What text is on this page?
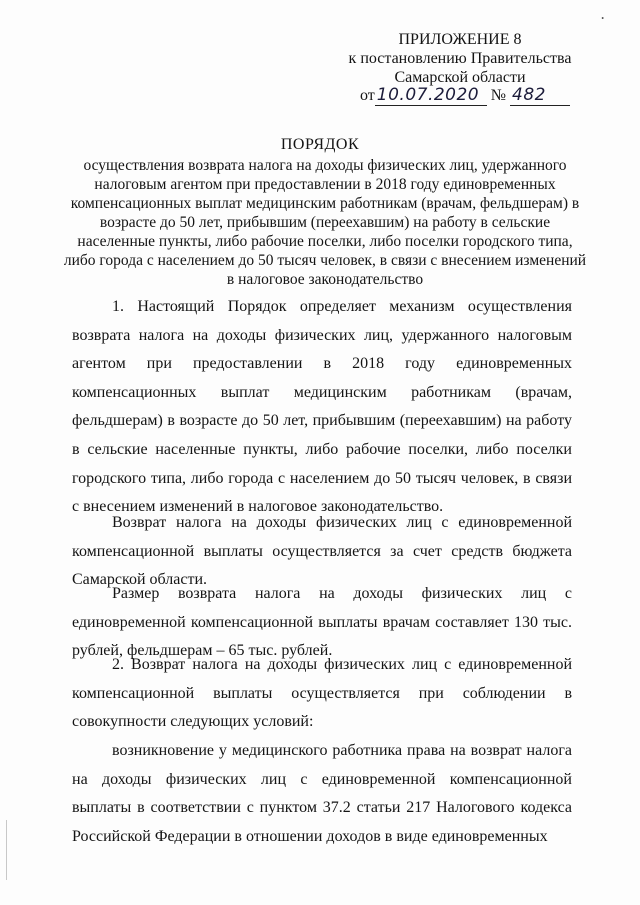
•
ПРИЛОЖЕНИЕ 8
к постановлению Правительства
Самарской области
от 10.07.2020 № 482
ПОРЯДОК
осуществления возврата налога на доходы физических лиц, удержанного налоговым агентом при предоставлении в 2018 году единовременных компенсационных выплат медицинским работникам (врачам, фельдшерам) в возрасте до 50 лет, прибывшим (переехавшим) на работу в сельские населенные пункты, либо рабочие поселки, либо поселки городского типа, либо города с населением до 50 тысяч человек, в связи с внесением изменений в налоговое законодательство

1. Настоящий Порядок определяет механизм осуществления возврата налога на доходы физических лиц, удержанного налоговым агентом при предоставлении в 2018 году единовременных компенсационных выплат медицинским работникам (врачам, фельдшерам) в возрасте до 50 лет, прибывшим (переехавшим) на работу в сельские населенные пункты, либо рабочие поселки, либо поселки городского типа, либо города с населением до 50 тысяч человек, в связи с внесением изменений в налоговое законодательство.

Возврат налога на доходы физических лиц с единовременной компенсационной выплаты осуществляется за счет средств бюджета Самарской области.

Размер возврата налога на доходы физических лиц с единовременной компенсационной выплаты врачам составляет 130 тыс. рублей, фельдшерам – 65 тыс. рублей.

2. Возврат налога на доходы физических лиц с единовременной компенсационной выплаты осуществляется при соблюдении в совокупности следующих условий:

возникновение у медицинского работника права на возврат налога на доходы физических лиц с единовременной компенсационной выплаты в соответствии с пунктом 37.2 статьи 217 Налогового кодекса Российской Федерации в отношении доходов в виде единовременных
